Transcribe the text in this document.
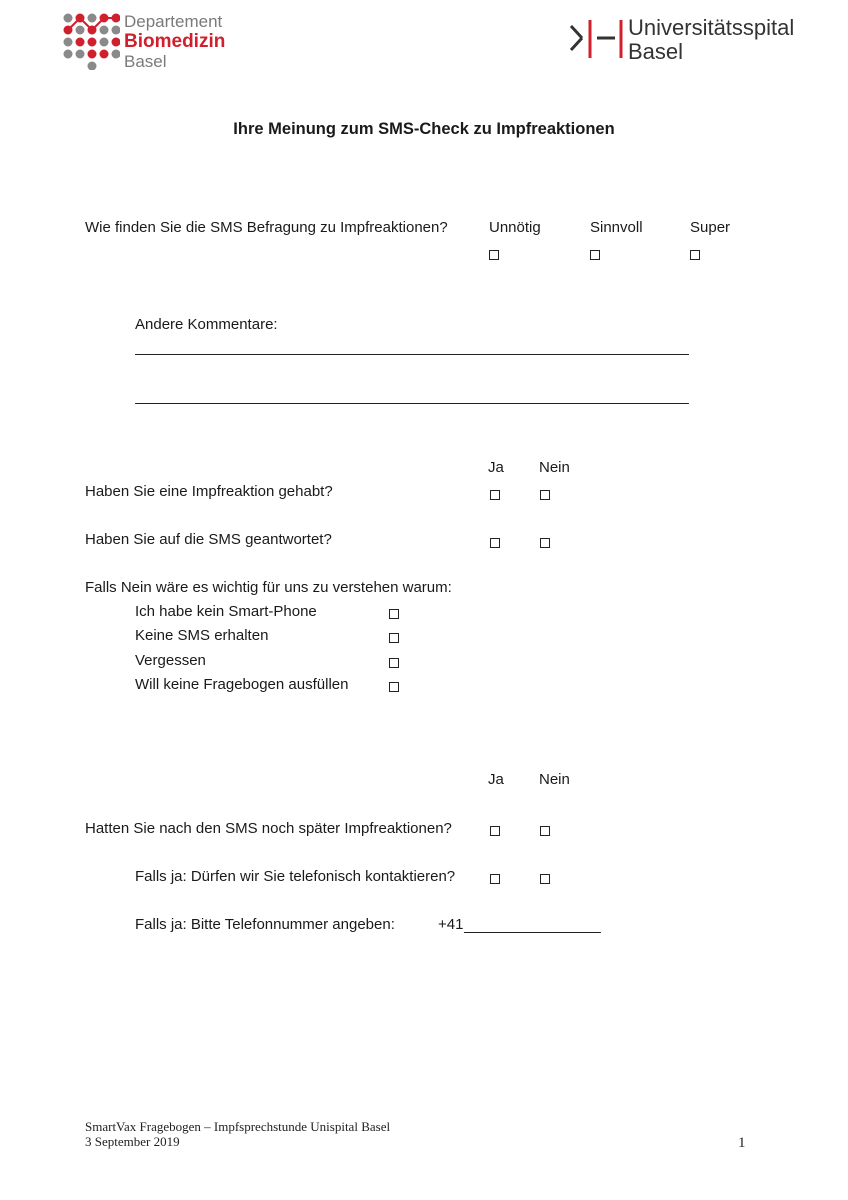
Departement
Biomedizin
Basel
Universitätsspital
Basel
Ihre Meinung zum SMS-Check zu Impfreaktionen
Wie finden Sie die SMS Befragung zu Impfreaktionen?	Unnötig	Sinnvoll	Super
Andere Kommentare:
Ja Nein
Haben Sie eine Impfreaktion gehabt?
Haben Sie auf die SMS geantwortet?
Falls Nein wäre es wichtig für uns zu verstehen warum:
Ich habe kein Smart-Phone
Keine SMS erhalten
Vergessen
Will keine Fragebogen ausfüllen
Ja Nein
Hatten Sie nach den SMS noch später Impfreaktionen?
Falls ja: Dürfen wir Sie telefonisch kontaktieren?
Falls ja: Bitte Telefonnummer angeben:	+41
SmartVax Fragebogen – Impfsprechstunde Unispital Basel
3 September 2019	1
